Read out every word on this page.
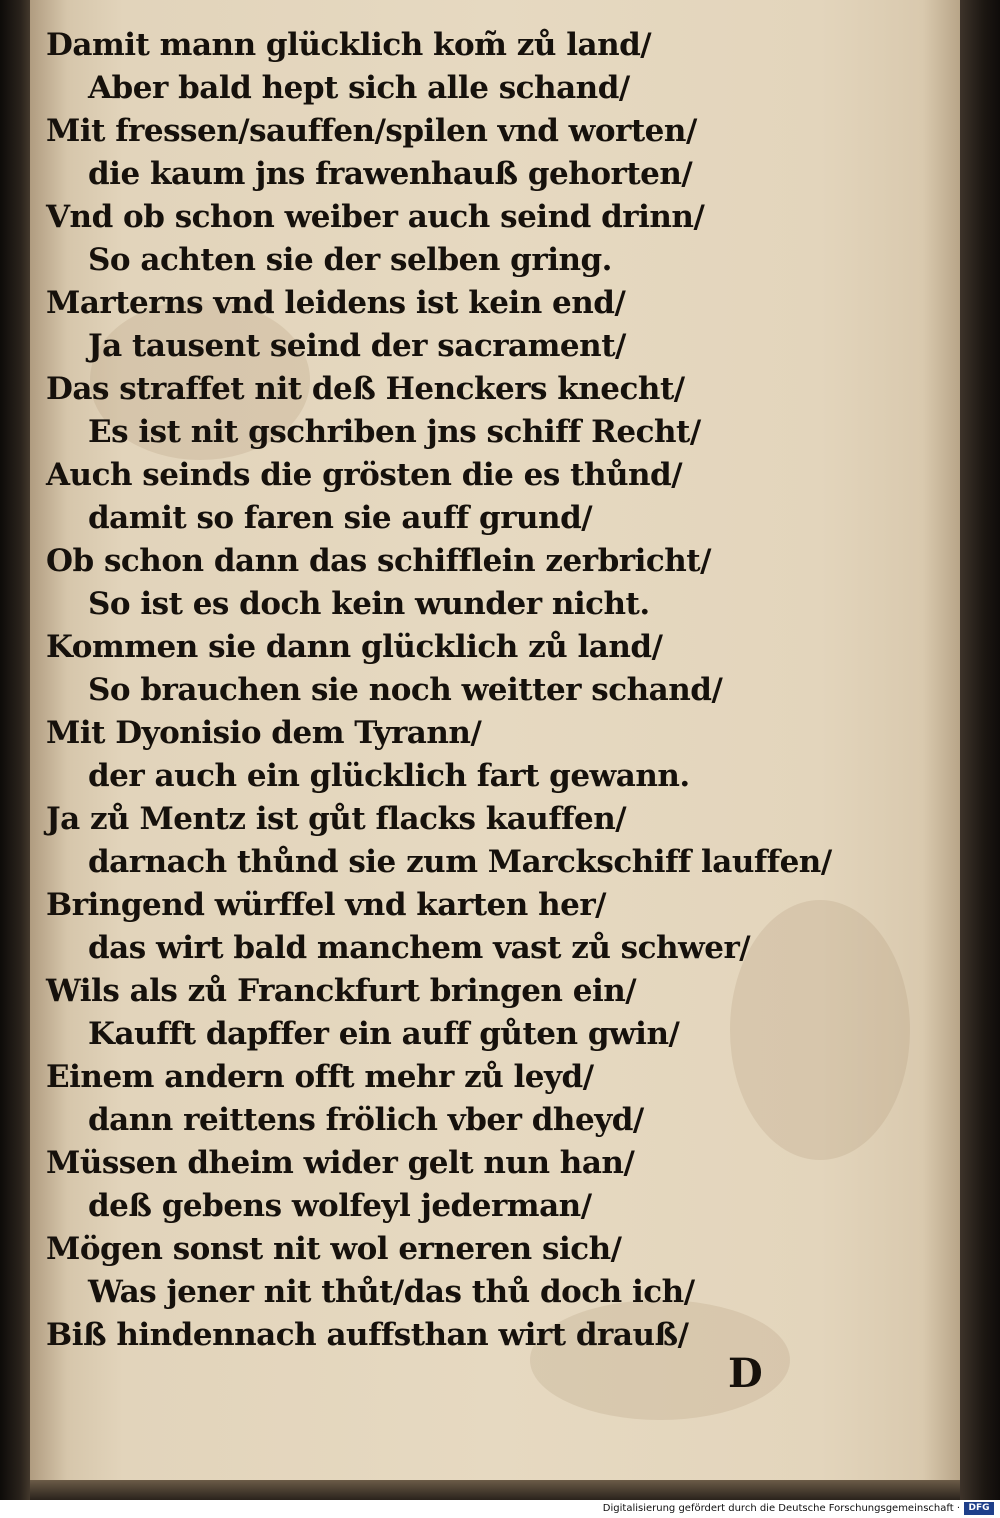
Damit mann glücklich kom̃ zů land/
Aber bald hept sich alle schand/
Mit fressen/sauffen/spilen vnd worten/
die kaum jns frawenhauß gehorten/
Vnd ob schon weiber auch seind drinn/
So achten sie der selben gring.
Marterns vnd leidens ist kein end/
Ja tausent seind der sacrament/
Das straffet nit deß Henckers knecht/
Es ist nit gschriben jns schiff Recht/
Auch seinds die grösten die es thůnd/
damit so faren sie auff grund/
Ob schon dann das schifflein zerbricht/
So ist es doch kein wunder nicht.
Kommen sie dann glücklich zů land/
So brauchen sie noch weitter schand/
Mit Dyonisio dem Tyrann/
der auch ein glücklich fart gewann.
Ja zů Mentz ist gůt flacks kauffen/
darnach thůnd sie zum Marckschiff lauffen/
Bringend würffel vnd karten her/
das wirt bald manchem vast zů schwer/
Wils als zů Franckfurt bringen ein/
Kaufft dapffer ein auff gůten gwin/
Einem andern offt mehr zů leyd/
dann reittens frölich vber dheyd/
Müssen dheim wider gelt nun han/
deß gebens wolfeyl jederman/
Mögen sonst nit wol erneren sich/
Was jener nit thůt/das thů doch ich/
Biß hindennach auffsthan wirt drauß/
D
Digitalisierung gefördert durch die Deutsche Forschungsgemeinschaft · DFG
